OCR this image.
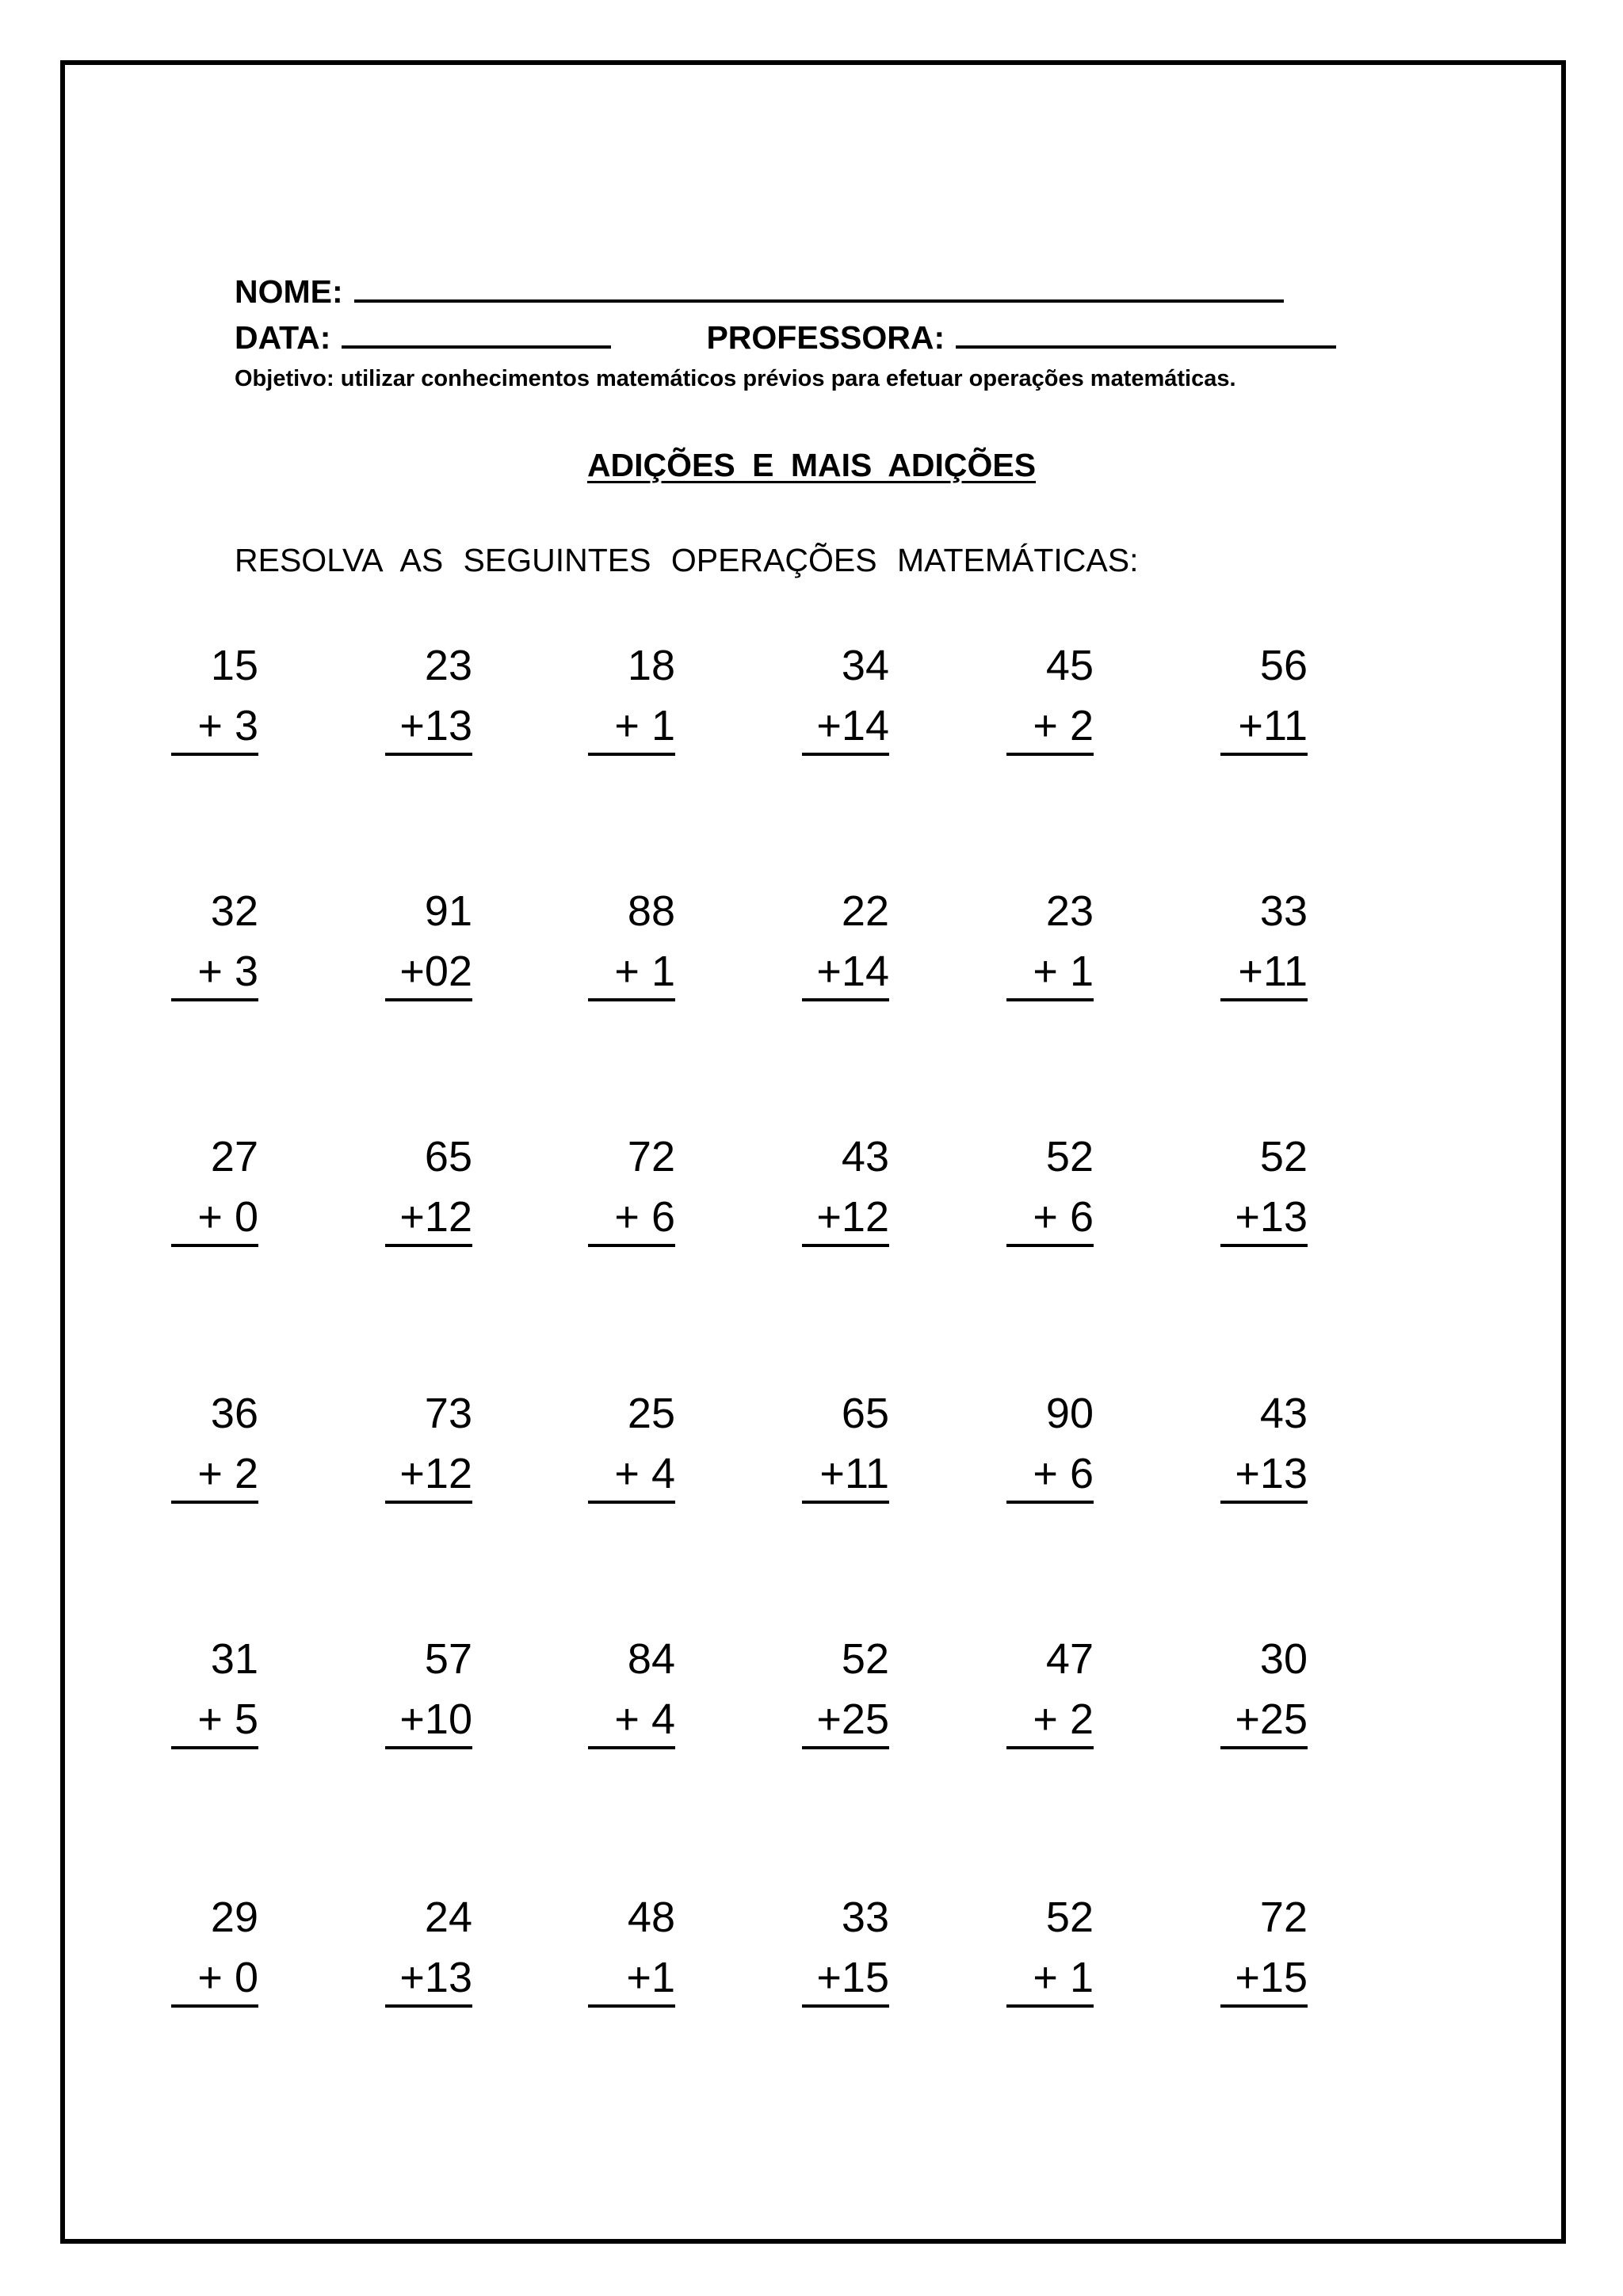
NOME:

DATA:	PROFESSORA:

Objetivo: utilizar conhecimentos matemáticos prévios para efetuar operações matemáticas.

ADIÇÕES E MAIS ADIÇÕES

RESOLVA AS SEGUINTES OPERAÇÕES MATEMÁTICAS:

15
+ 3
23
+13
18
+ 1
34
+14
45
+ 2
56
+11
32
+ 3
91
+02
88
+ 1
22
+14
23
+ 1
33
+11
27
+ 0
65
+12
72
+ 6
43
+12
52
+ 6
52
+13
36
+ 2
73
+12
25
+ 4
65
+11
90
+ 6
43
+13
31
+ 5
57
+10
84
+ 4
52
+25
47
+ 2
30
+25
29
+ 0
24
+13
48
+1
33
+15
52
+ 1
72
+15
